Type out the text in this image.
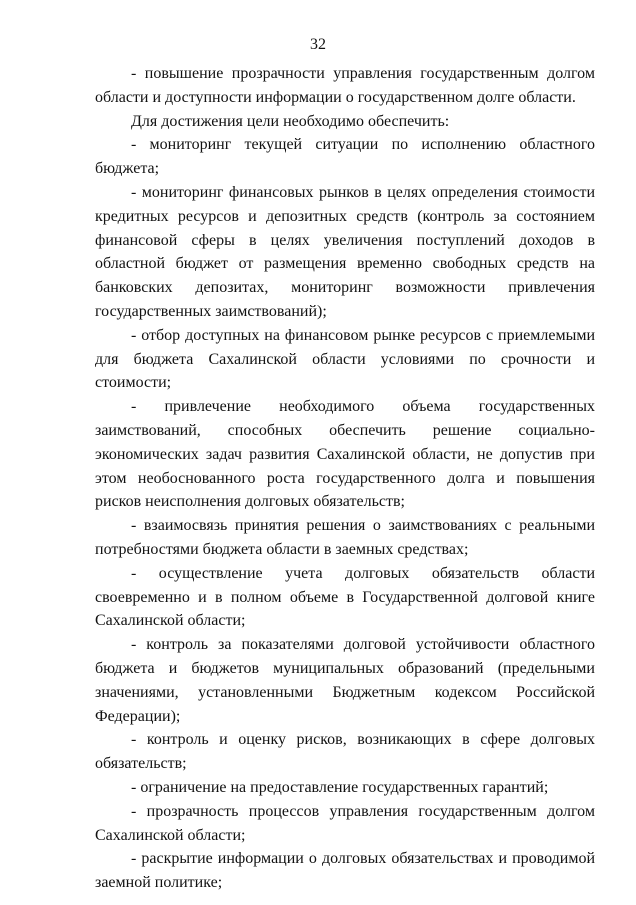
32

- повышение прозрачности управления государственным долгом области и доступности информации о государственном долге области.

Для достижения цели необходимо обеспечить:

- мониторинг текущей ситуации по исполнению областного бюджета;

- мониторинг финансовых рынков в целях определения стоимости кредитных ресурсов и депозитных средств (контроль за состоянием финансовой сферы в целях увеличения поступлений доходов в областной бюджет от размещения временно свободных средств на банковских депозитах, мониторинг возможности привлечения государственных заимствований);

- отбор доступных на финансовом рынке ресурсов с приемлемыми для бюджета Сахалинской области условиями по срочности и стоимости;

- привлечение необходимого объема государственных заимствований, способных обеспечить решение социально-экономических задач развития Сахалинской области, не допустив при этом необоснованного роста государственного долга и повышения рисков неисполнения долговых обязательств;

- взаимосвязь принятия решения о заимствованиях с реальными потребностями бюджета области в заемных средствах;

- осуществление учета долговых обязательств области своевременно и в полном объеме в Государственной долговой книге Сахалинской области;

- контроль за показателями долговой устойчивости областного бюджета и бюджетов муниципальных образований (предельными значениями, установленными Бюджетным кодексом Российской Федерации);

- контроль и оценку рисков, возникающих в сфере долговых обязательств;

- ограничение на предоставление государственных гарантий;

- прозрачность процессов управления государственным долгом Сахалинской области;

- раскрытие информации о долговых обязательствах и проводимой заемной политике;
